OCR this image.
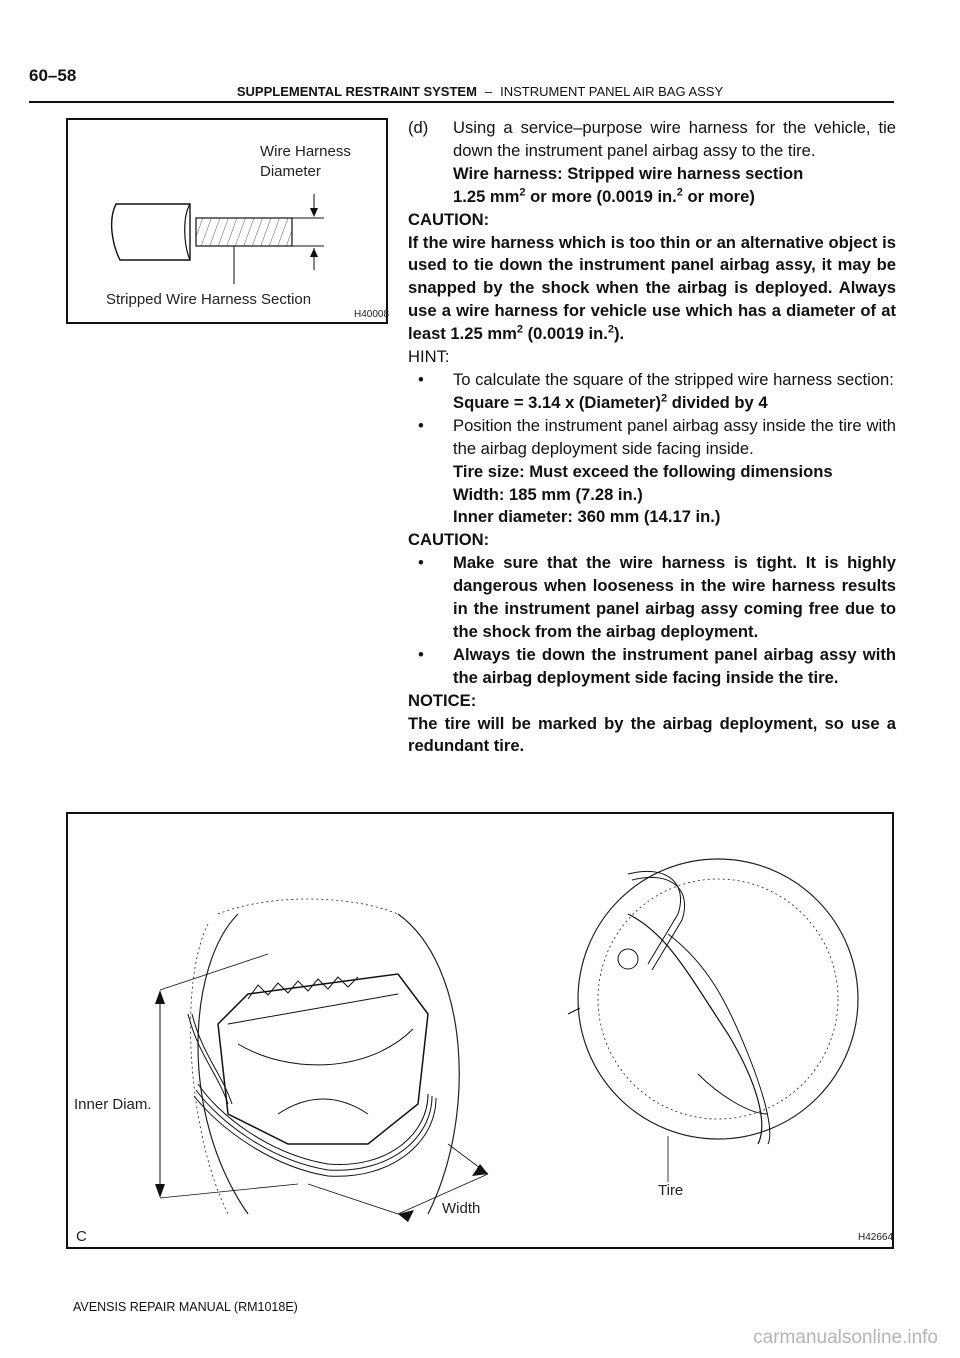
60–58
SUPPLEMENTAL RESTRAINT SYSTEM – INSTRUMENT PANEL AIR BAG ASSY
Wire Harness
Diameter
Stripped Wire Harness Section
H40008

(d) Using a service–purpose wire harness for the vehicle, tie down the instrument panel airbag assy to the tire.

Wire harness: Stripped wire harness section

1.25 $mm^2$ or more (0.0019 in.$^2$ or more)

CAUTION:

If the wire harness which is too thin or an alternative object is used to tie down the instrument panel airbag assy, it may be snapped by the shock when the airbag is deployed. Always use a wire harness for vehicle use which has a diameter of at least 1.25 $mm^2$ (0.0019 in.$^2$).

HINT:

• To calculate the square of the stripped wire harness section:

Square = 3.14 x (Diameter)$^2$ divided by 4

• Position the instrument panel airbag assy inside the tire with the airbag deployment side facing inside.

Tire size: Must exceed the following dimensions

Width: 185 mm (7.28 in.)

Inner diameter: 360 mm (14.17 in.)

CAUTION:

• Make sure that the wire harness is tight. It is highly dangerous when looseness in the wire harness results in the instrument panel airbag assy coming free due to the shock from the airbag deployment.

• Always tie down the instrument panel airbag assy with the airbag deployment side facing inside the tire.

NOTICE:

The tire will be marked by the airbag deployment, so use a redundant tire.

Inner Diam.
Width
Tire
C	H42664
AVENSIS REPAIR MANUAL (RM1018E)
carmanualsonline.info
